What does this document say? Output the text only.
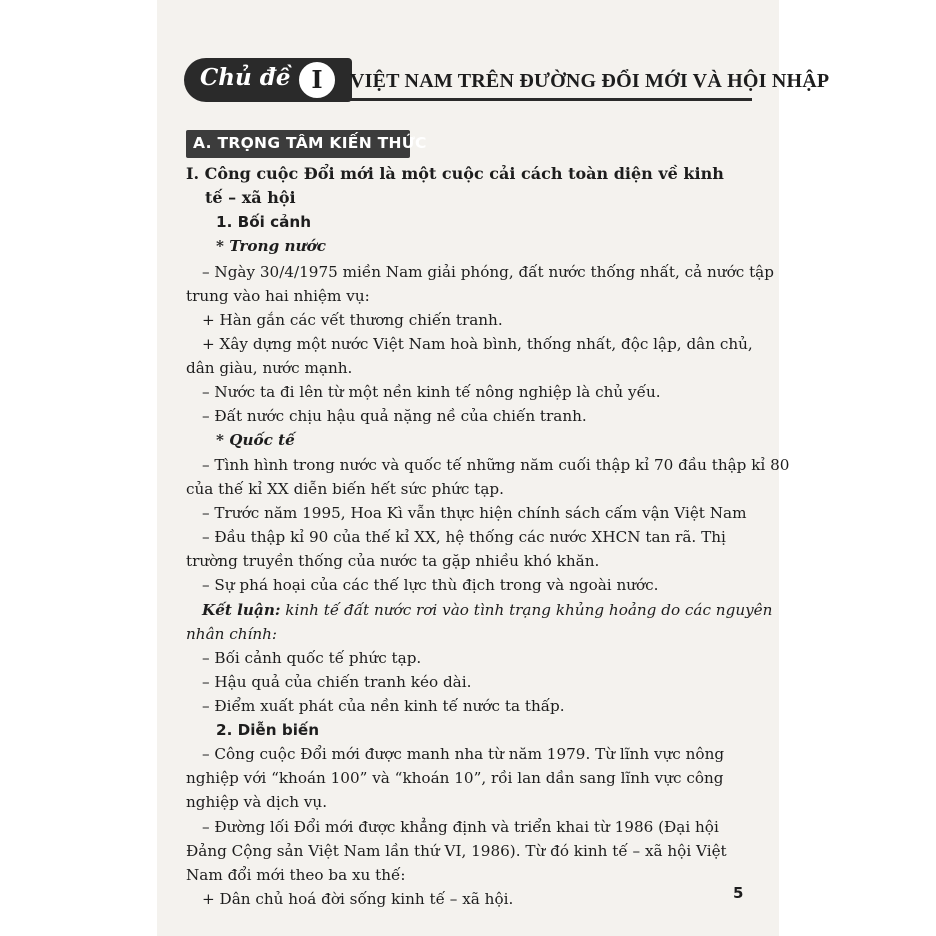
Chủ đề I	VIỆT NAM TRÊN ĐƯỜNG ĐỔI MỚI VÀ HỘI NHẬP
A. TRỌNG TÂM KIẾN THỨC
I. Công cuộc Đổi mới là một cuộc cải cách toàn diện về kinh
tế – xã hội
1. Bối cảnh
* Trong nước
– Ngày 30/4/1975 miền Nam giải phóng, đất nước thống nhất, cả nước tập
trung vào hai nhiệm vụ:
+ Hàn gắn các vết thương chiến tranh.
+ Xây dựng một nước Việt Nam hoà bình, thống nhất, độc lập, dân chủ,
dân giàu, nước mạnh.
– Nước ta đi lên từ một nền kinh tế nông nghiệp là chủ yếu.
– Đất nước chịu hậu quả nặng nề của chiến tranh.
* Quốc tế
– Tình hình trong nước và quốc tế những năm cuối thập kỉ 70 đầu thập kỉ 80
của thế kỉ XX diễn biến hết sức phức tạp.
– Trước năm 1995, Hoa Kì vẫn thực hiện chính sách cấm vận Việt Nam
– Đầu thập kỉ 90 của thế kỉ XX, hệ thống các nước XHCN tan rã. Thị
trường truyền thống của nước ta gặp nhiều khó khăn.
– Sự phá hoại của các thế lực thù địch trong và ngoài nước.
Kết luận: kinh tế đất nước rơi vào tình trạng khủng hoảng do các nguyên
nhân chính:
– Bối cảnh quốc tế phức tạp.
– Hậu quả của chiến tranh kéo dài.
– Điểm xuất phát của nền kinh tế nước ta thấp.
2. Diễn biến
– Công cuộc Đổi mới được manh nha từ năm 1979. Từ lĩnh vực nông
nghiệp với “khoán 100” và “khoán 10”, rồi lan dần sang lĩnh vực công
nghiệp và dịch vụ.
– Đường lối Đổi mới được khẳng định và triển khai từ 1986 (Đại hội
Đảng Cộng sản Việt Nam lần thứ VI, 1986). Từ đó kinh tế – xã hội Việt
Nam đổi mới theo ba xu thế:
+ Dân chủ hoá đời sống kinh tế – xã hội.	5
